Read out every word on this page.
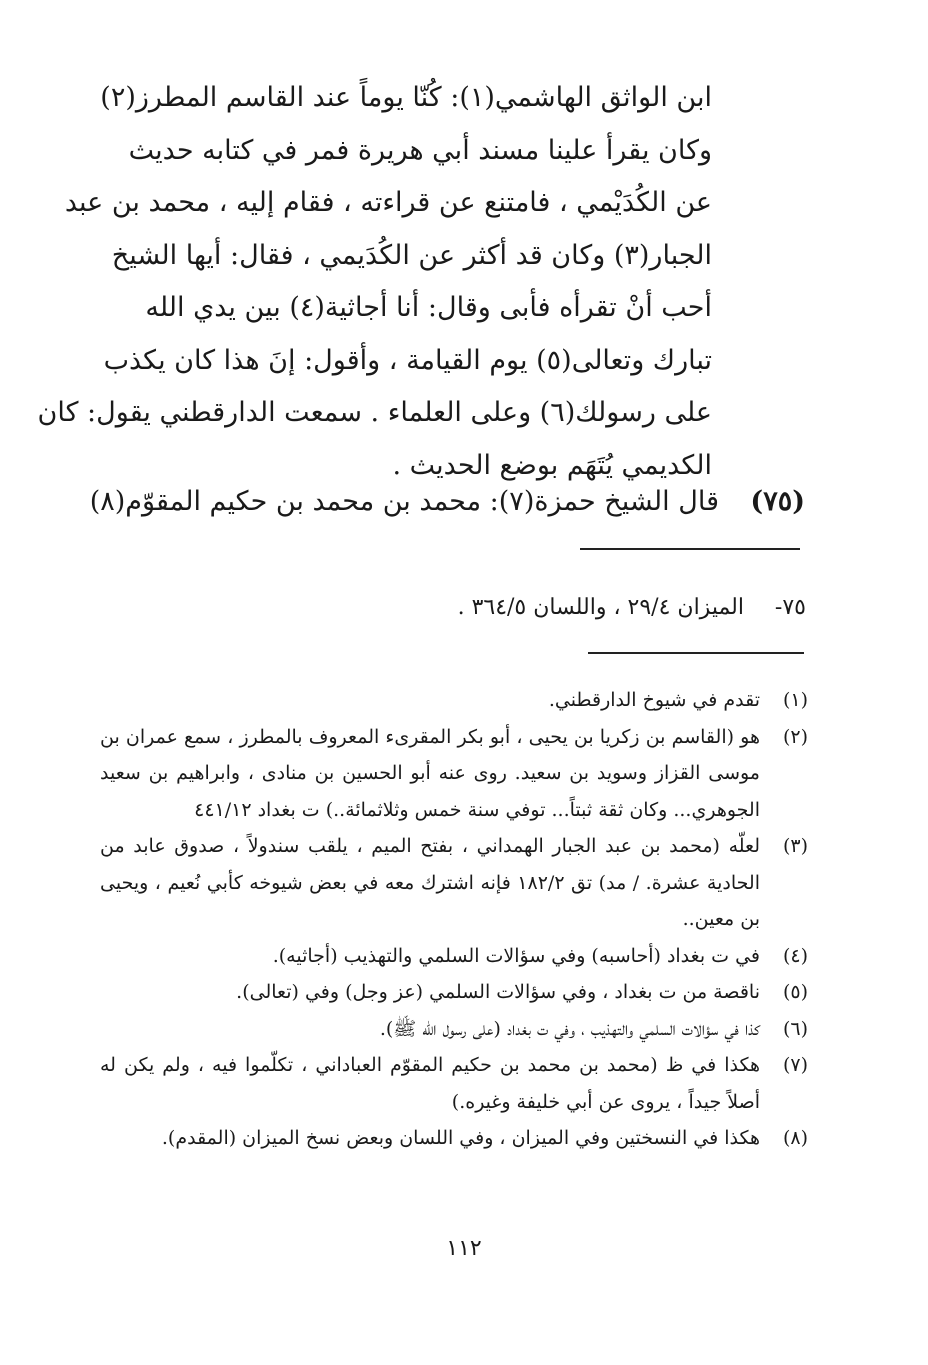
ابن الواثق الهاشمي(١): كُنّا يوماً عند القاسم المطرز(٢)
وكان يقرأ علينا مسند أبي هريرة فمر في كتابه حديث
عن الكُدَيْمي ، فامتنع عن قراءته ، فقام إليه ، محمد بن عبد
الجبار(٣) وكان قد أكثر عن الكُدَيمي ، فقال: أيها الشيخ
أحب أنْ تقرأه فأبى وقال: أنا أجاثية(٤) بين يدي الله
تبارك وتعالى(٥) يوم القيامة ، وأقول: إنَ هذا كان يكذب
على رسولك(٦) وعلى العلماء . سمعت الدارقطني يقول: كان
الكديمي يُتَهَم بوضع الحديث .
(٧٥)قال الشيخ حمزة(٧): محمد بن محمد بن حكيم المقوّم(٨)
٧٥-الميزان ٢٩/٤ ، واللسان ٣٦٤/٥ .
(١)
تقدم في شيوخ الدارقطني.
(٢)
هو (القاسم بن زكريا بن يحيى ، أبو بكر المقرىء المعروف بالمطرز ، سمع عمران بن موسى القزاز وسويد بن سعيد. روى عنه أبو الحسين بن منادى ، وابراهيم بن سعيد الجوهري... وكان ثقة ثبتاً... توفي سنة خمس وثلاثمائة..) ت بغداد ٤٤١/١٢
(٣)
لعلّه (محمد بن عبد الجبار الهمداني ، بفتح الميم ، يلقب سندولاً ، صدوق عابد من الحادية عشرة. / مد) تق ١٨٢/٢ فإنه اشترك معه في بعض شيوخه كأبي نُعيم ، ويحيى بن معين..
(٤)
في ت بغداد (أحاسبه) وفي سؤالات السلمي والتهذيب (أجاثيه).
(٥)
ناقصة من ت بغداد ، وفي سؤالات السلمي (عز وجل) وفي (تعالى).
(٦)
كذا في سؤالات السلمي والتهذيب ، وفي ت بغداد (على رسول الله ﷺ).
(٧)
هكذا في ظ (محمد بن محمد بن حكيم المقوّم العباداني ، تكلّموا فيه ، ولم يكن له أصلاً جيداً ، يروى عن أبي خليفة وغيره.)
(٨)
هكذا في النسختين وفي الميزان ، وفي اللسان وبعض نسخ الميزان (المقدم).
١١٢
